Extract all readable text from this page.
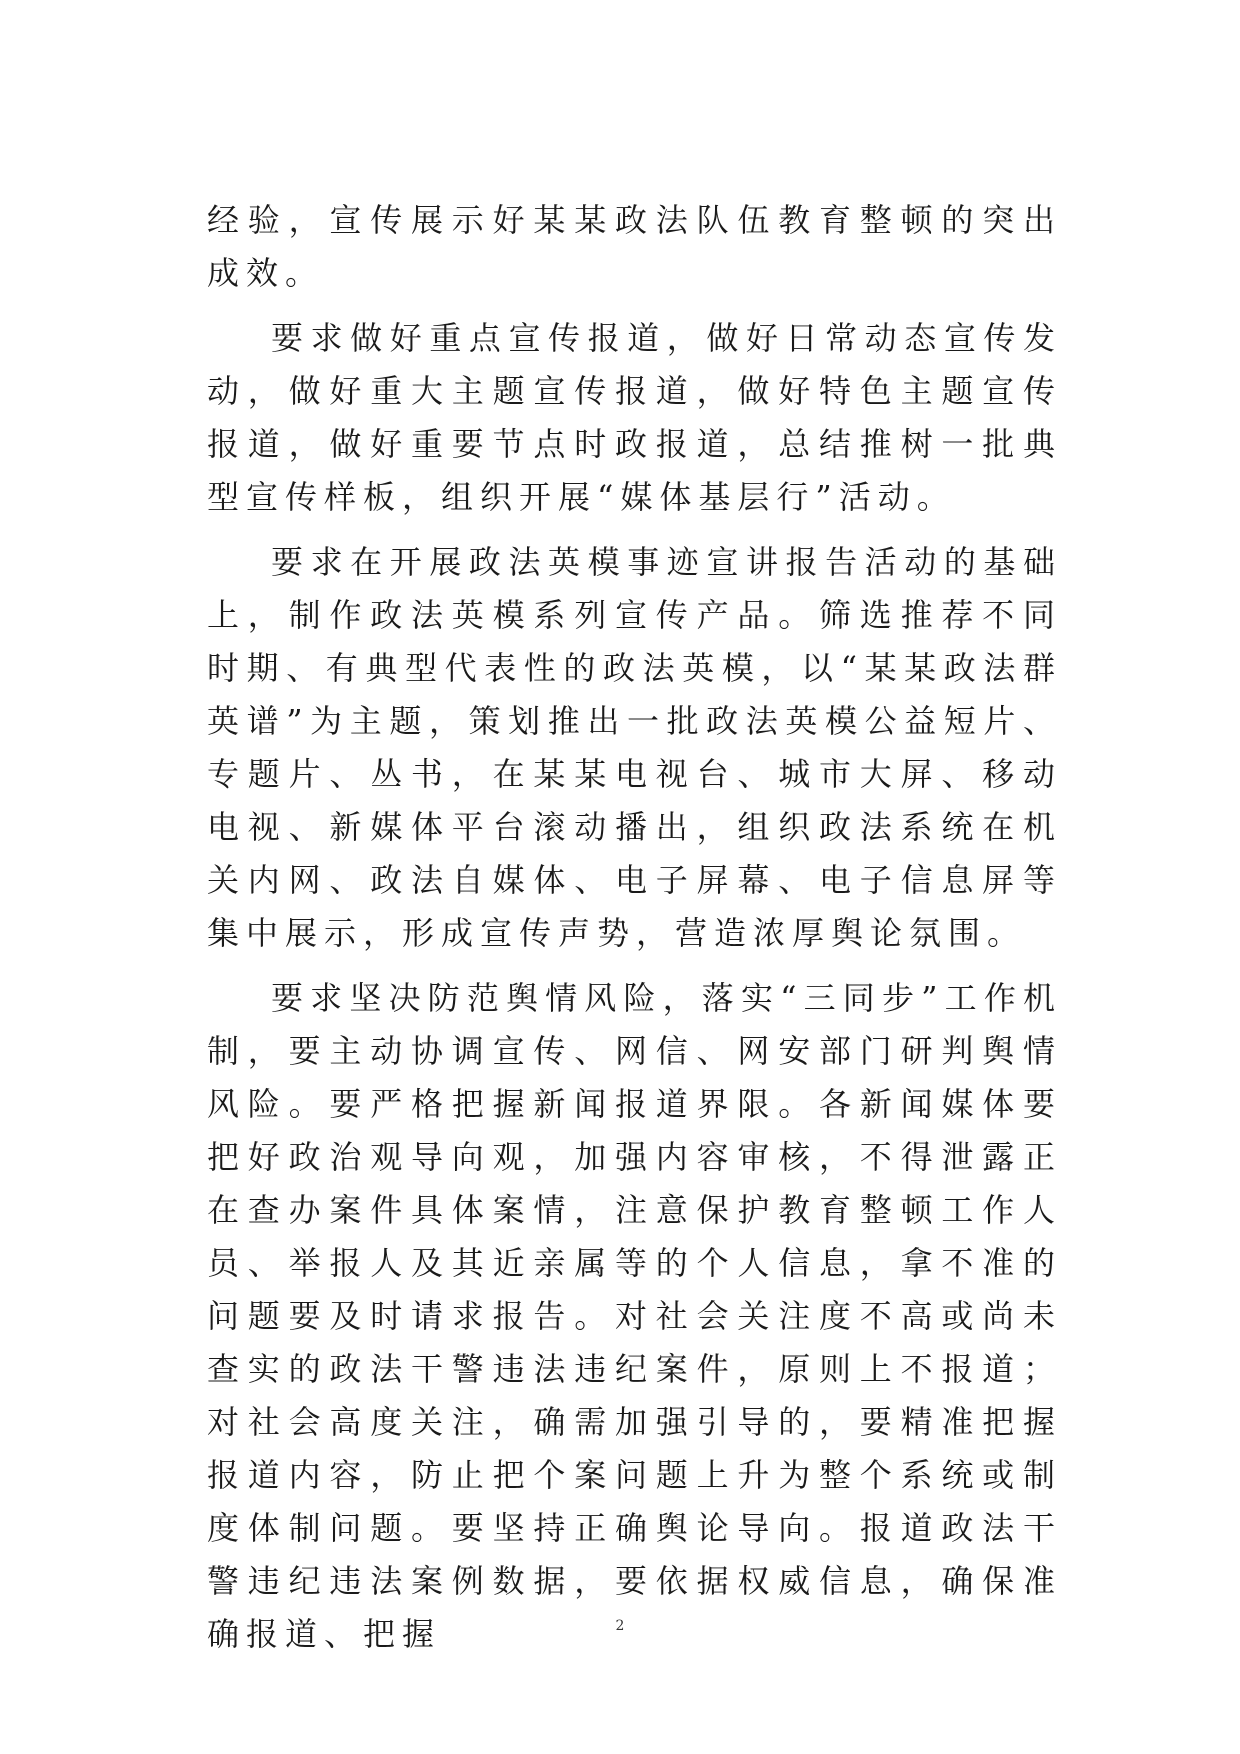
经验，宣传展示好某某政法队伍教育整顿的突出成效。

要求做好重点宣传报道，做好日常动态宣传发动，做好重大主题宣传报道，做好特色主题宣传报道，做好重要节点时政报道，总结推树一批典型宣传样板，组织开展“媒体基层行”活动。

要求在开展政法英模事迹宣讲报告活动的基础上，制作政法英模系列宣传产品。筛选推荐不同时期、有典型代表性的政法英模，以“某某政法群英谱”为主题，策划推出一批政法英模公益短片、专题片、丛书，在某某电视台、城市大屏、移动电视、新媒体平台滚动播出，组织政法系统在机关内网、政法自媒体、电子屏幕、电子信息屏等集中展示，形成宣传声势，营造浓厚舆论氛围。

要求坚决防范舆情风险，落实“三同步”工作机制，要主动协调宣传、网信、网安部门研判舆情风险。要严格把握新闻报道界限。各新闻媒体要把好政治观导向观，加强内容审核，不得泄露正在查办案件具体案情，注意保护教育整顿工作人员、举报人及其近亲属等的个人信息，拿不准的问题要及时请求报告。对社会关注度不高或尚未查实的政法干警违法违纪案件，原则上不报道；对社会高度关注，确需加强引导的，要精准把握报道内容，防止把个案问题上升为整个系统或制度体制问题。要坚持正确舆论导向。报道政法干警违纪违法案例数据，要依据权威信息，确保准确报道、把握	2
